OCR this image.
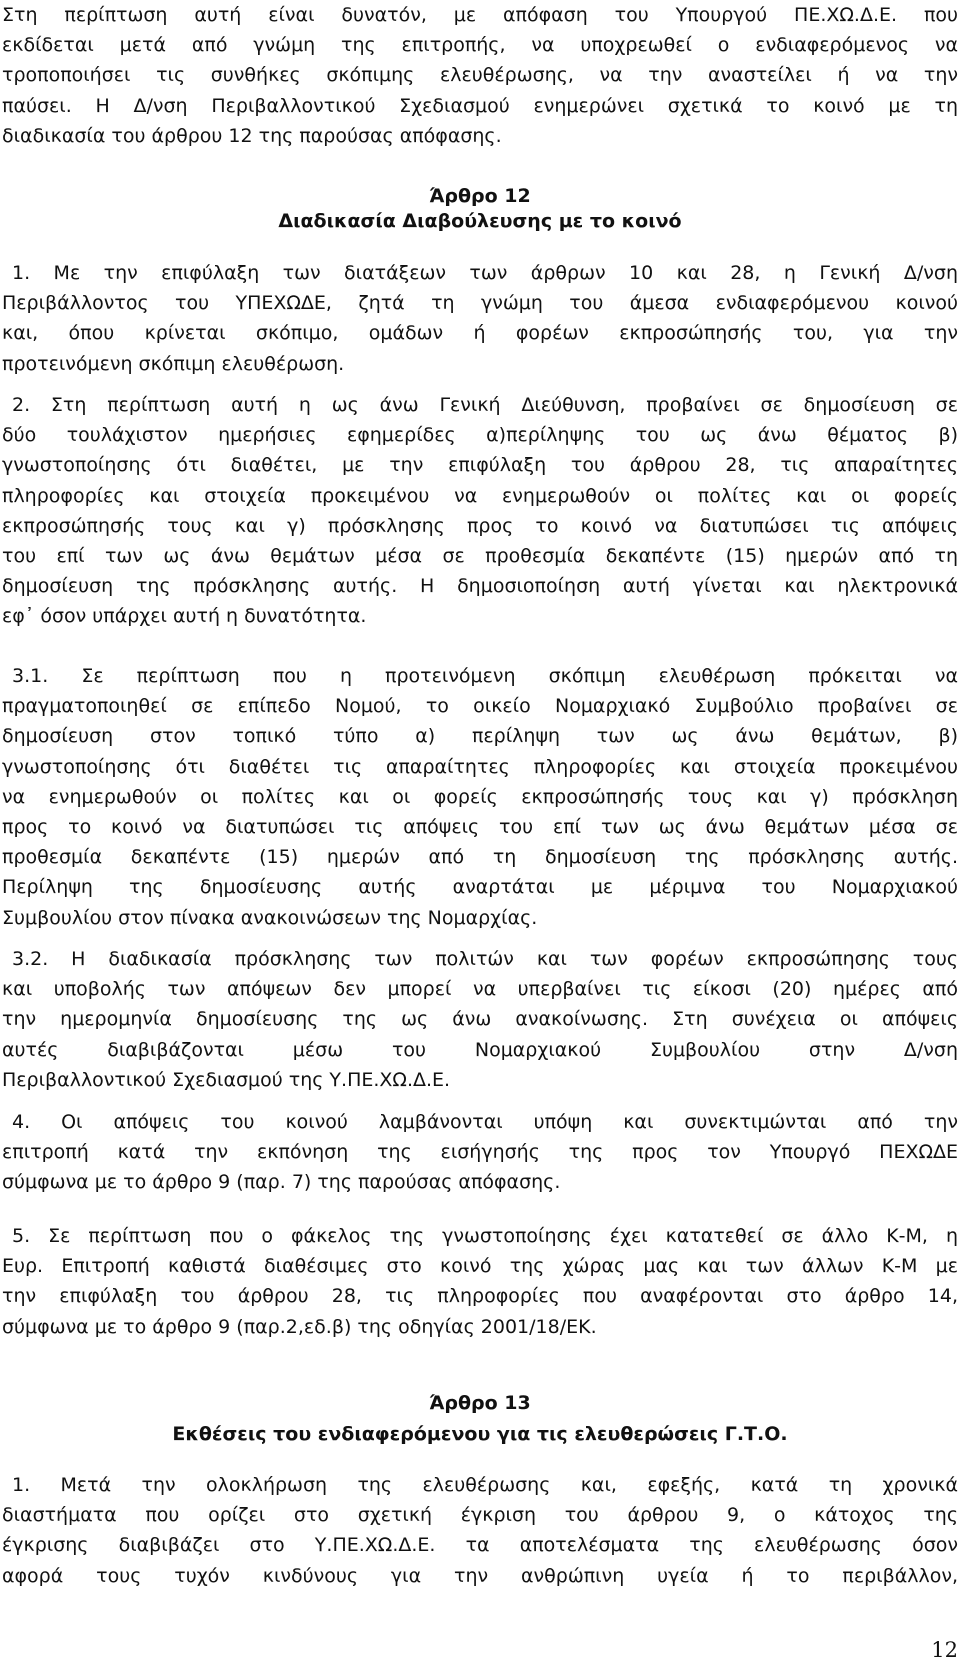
Στη περίπτωση αυτή είναι δυνατόν, με απόφαση του Υπουργού ΠΕ.ΧΩ.Δ.Ε. που
εκδίδεται μετά από γνώμη της επιτροπής, να υποχρεωθεί ο ενδιαφερόμενος να
τροποποιήσει τις συνθήκες σκόπιμης ελευθέρωσης, να την αναστείλει ή να την
παύσει. Η Δ/νση Περιβαλλοντικού Σχεδιασμού ενημερώνει σχετικά το κοινό με τη
διαδικασία του άρθρου 12 της παρούσας απόφασης.

Άρθρο 12

Διαδικασία Διαβούλευσης με το κοινό

1. Με την επιφύλαξη των διατάξεων των άρθρων 10 και 28, η Γενική Δ/νση
Περιβάλλοντος του ΥΠΕΧΩΔΕ, ζητά τη γνώμη του άμεσα ενδιαφερόμενου κοινού
και, όπου κρίνεται σκόπιμο, ομάδων ή φορέων εκπροσώπησής του, για την
προτεινόμενη σκόπιμη ελευθέρωση.
2. Στη περίπτωση αυτή η ως άνω Γενική Διεύθυνση, προβαίνει σε δημοσίευση σε
δύο τουλάχιστον ημερήσιες εφημερίδες α)περίληψης του ως άνω θέματος β)
γνωστοποίησης ότι διαθέτει, με την επιφύλαξη του άρθρου 28, τις απαραίτητες
πληροφορίες και στοιχεία προκειμένου να ενημερωθούν οι πολίτες και οι φορείς
εκπροσώπησής τους και γ) πρόσκλησης προς το κοινό να διατυπώσει τις απόψεις
του επί των ως άνω θεμάτων μέσα σε προθεσμία δεκαπέντε (15) ημερών από τη
δημοσίευση της πρόσκλησης αυτής. Η δημοσιοποίηση αυτή γίνεται και ηλεκτρονικά
εφ᾽ όσον υπάρχει αυτή η δυνατότητα.
3.1. Σε περίπτωση που η προτεινόμενη σκόπιμη ελευθέρωση πρόκειται να
πραγματοποιηθεί σε επίπεδο Νομού, το οικείο Νομαρχιακό Συμβούλιο προβαίνει σε
δημοσίευση στον τοπικό τύπο α) περίληψη των ως άνω θεμάτων, β)
γνωστοποίησης ότι διαθέτει τις απαραίτητες πληροφορίες και στοιχεία προκειμένου
να ενημερωθούν οι πολίτες και οι φορείς εκπροσώπησής τους και γ) πρόσκληση
προς το κοινό να διατυπώσει τις απόψεις του επί των ως άνω θεμάτων μέσα σε
προθεσμία δεκαπέντε (15) ημερών από τη δημοσίευση της πρόσκλησης αυτής.
Περίληψη της δημοσίευσης αυτής αναρτάται με μέριμνα του Νομαρχιακού
Συμβουλίου στον πίνακα ανακοινώσεων της Νομαρχίας.
3.2. Η διαδικασία πρόσκλησης των πολιτών και των φορέων εκπροσώπησης τους
και υποβολής των απόψεων δεν μπορεί να υπερβαίνει τις είκοσι (20) ημέρες από
την ημερομηνία δημοσίευσης της ως άνω ανακοίνωσης. Στη συνέχεια οι απόψεις
αυτές διαβιβάζονται μέσω του Νομαρχιακού Συμβουλίου στην Δ/νση
Περιβαλλοντικού Σχεδιασμού της Υ.ΠΕ.ΧΩ.Δ.Ε.
4. Οι απόψεις του κοινού λαμβάνονται υπόψη και συνεκτιμώνται από την
επιτροπή κατά την εκπόνηση της εισήγησής της προς τον Υπουργό ΠΕΧΩΔΕ
σύμφωνα με το άρθρο 9 (παρ. 7) της παρούσας απόφασης.
5. Σε περίπτωση που ο φάκελος της γνωστοποίησης έχει κατατεθεί σε άλλο Κ-Μ, η
Ευρ. Επιτροπή καθιστά διαθέσιμες στο κοινό της χώρας μας και των άλλων Κ-Μ με
την επιφύλαξη του άρθρου 28, τις πληροφορίες που αναφέρονται στο άρθρο 14,
σύμφωνα με το άρθρο 9 (παρ.2,εδ.β) της οδηγίας 2001/18/ΕΚ.

Άρθρο 13

Εκθέσεις του ενδιαφερόμενου για τις ελευθερώσεις Γ.Τ.Ο.

1. Μετά την ολοκλήρωση της ελευθέρωσης και, εφεξής, κατά τη χρονικά
διαστήματα που ορίζει στο σχετική έγκριση του άρθρου 9, ο κάτοχος της
έγκρισης διαβιβάζει στο Υ.ΠΕ.ΧΩ.Δ.Ε. τα αποτελέσματα της ελευθέρωσης όσον
αφορά τους τυχόν κινδύνους για την ανθρώπινη υγεία ή το περιβάλλον,
12
